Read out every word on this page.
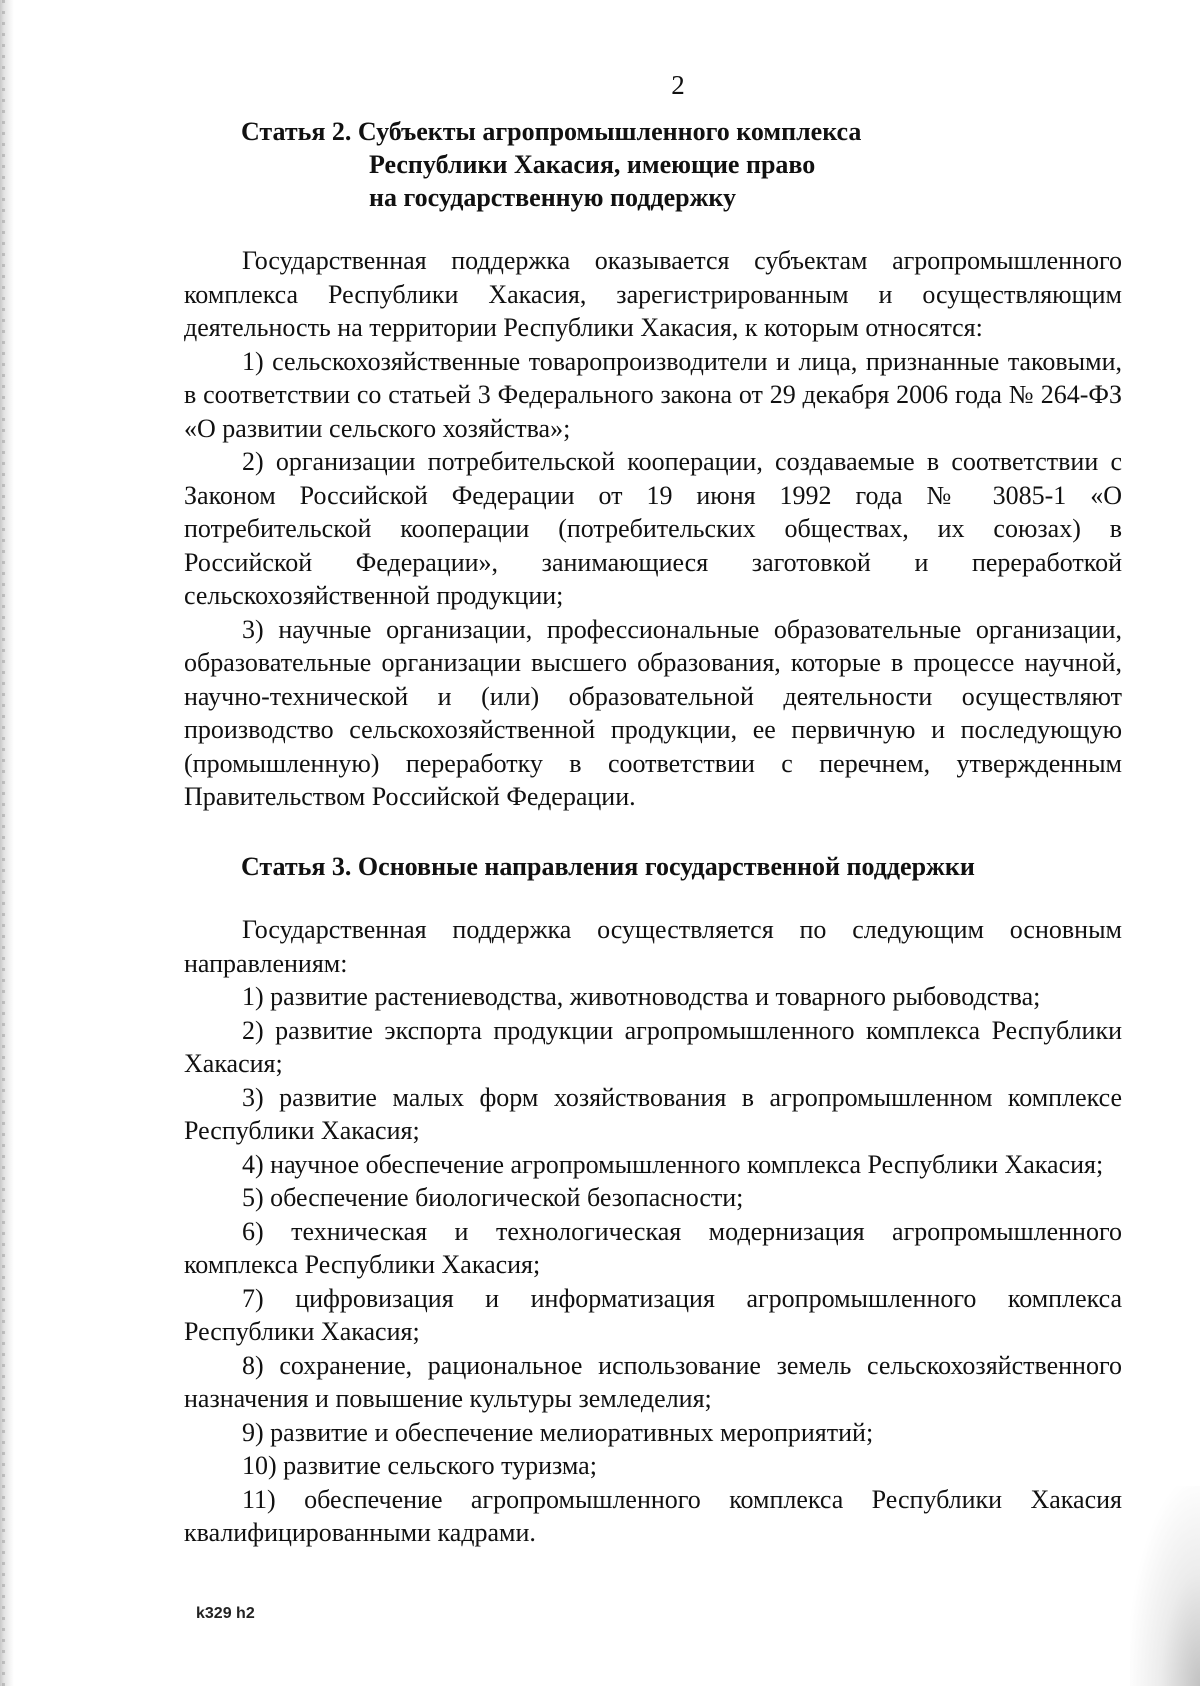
2
Статья 2. Субъекты агропромышленного комплекса
Республики Хакасия, имеющие право
на государственную поддержку

Государственная поддержка оказывается субъектам агропромышленного комплекса Республики Хакасия, зарегистрированным и осуществляющим деятельность на территории Республики Хакасия, к которым относятся:

1) сельскохозяйственные товаропроизводители и лица, признанные таковыми, в соответствии со статьей 3 Федерального закона от 29 декабря 2006 года № 264-ФЗ «О развитии сельского хозяйства»;

2) организации потребительской кооперации, создаваемые в соответствии с Законом Российской Федерации от 19 июня 1992 года № 3085-1 «О потребительской кооперации (потребительских обществах, их союзах) в Российской Федерации», занимающиеся заготовкой и переработкой сельскохозяйственной продукции;

3) научные организации, профессиональные образовательные организации, образовательные организации высшего образования, которые в процессе научной, научно-технической и (или) образовательной деятельности осуществляют производство сельскохозяйственной продукции, ее первичную и последующую (промышленную) переработку в соответствии с перечнем, утвержденным Правительством Российской Федерации.

Статья 3. Основные направления государственной поддержки

Государственная поддержка осуществляется по следующим основным направлениям:

1) развитие растениеводства, животноводства и товарного рыбоводства;

2) развитие экспорта продукции агропромышленного комплекса Республики Хакасия;

3) развитие малых форм хозяйствования в агропромышленном комплексе Республики Хакасия;

4) научное обеспечение агропромышленного комплекса Республики Хакасия;

5) обеспечение биологической безопасности;

6) техническая и технологическая модернизация агропромышленного комплекса Республики Хакасия;

7) цифровизация и информатизация агропромышленного комплекса Республики Хакасия;

8) сохранение, рациональное использование земель сельскохозяйственного назначения и повышение культуры земледелия;

9) развитие и обеспечение мелиоративных мероприятий;

10) развитие сельского туризма;

11) обеспечение агропромышленного комплекса Республики Хакасия квалифицированными кадрами.

k329 h2
